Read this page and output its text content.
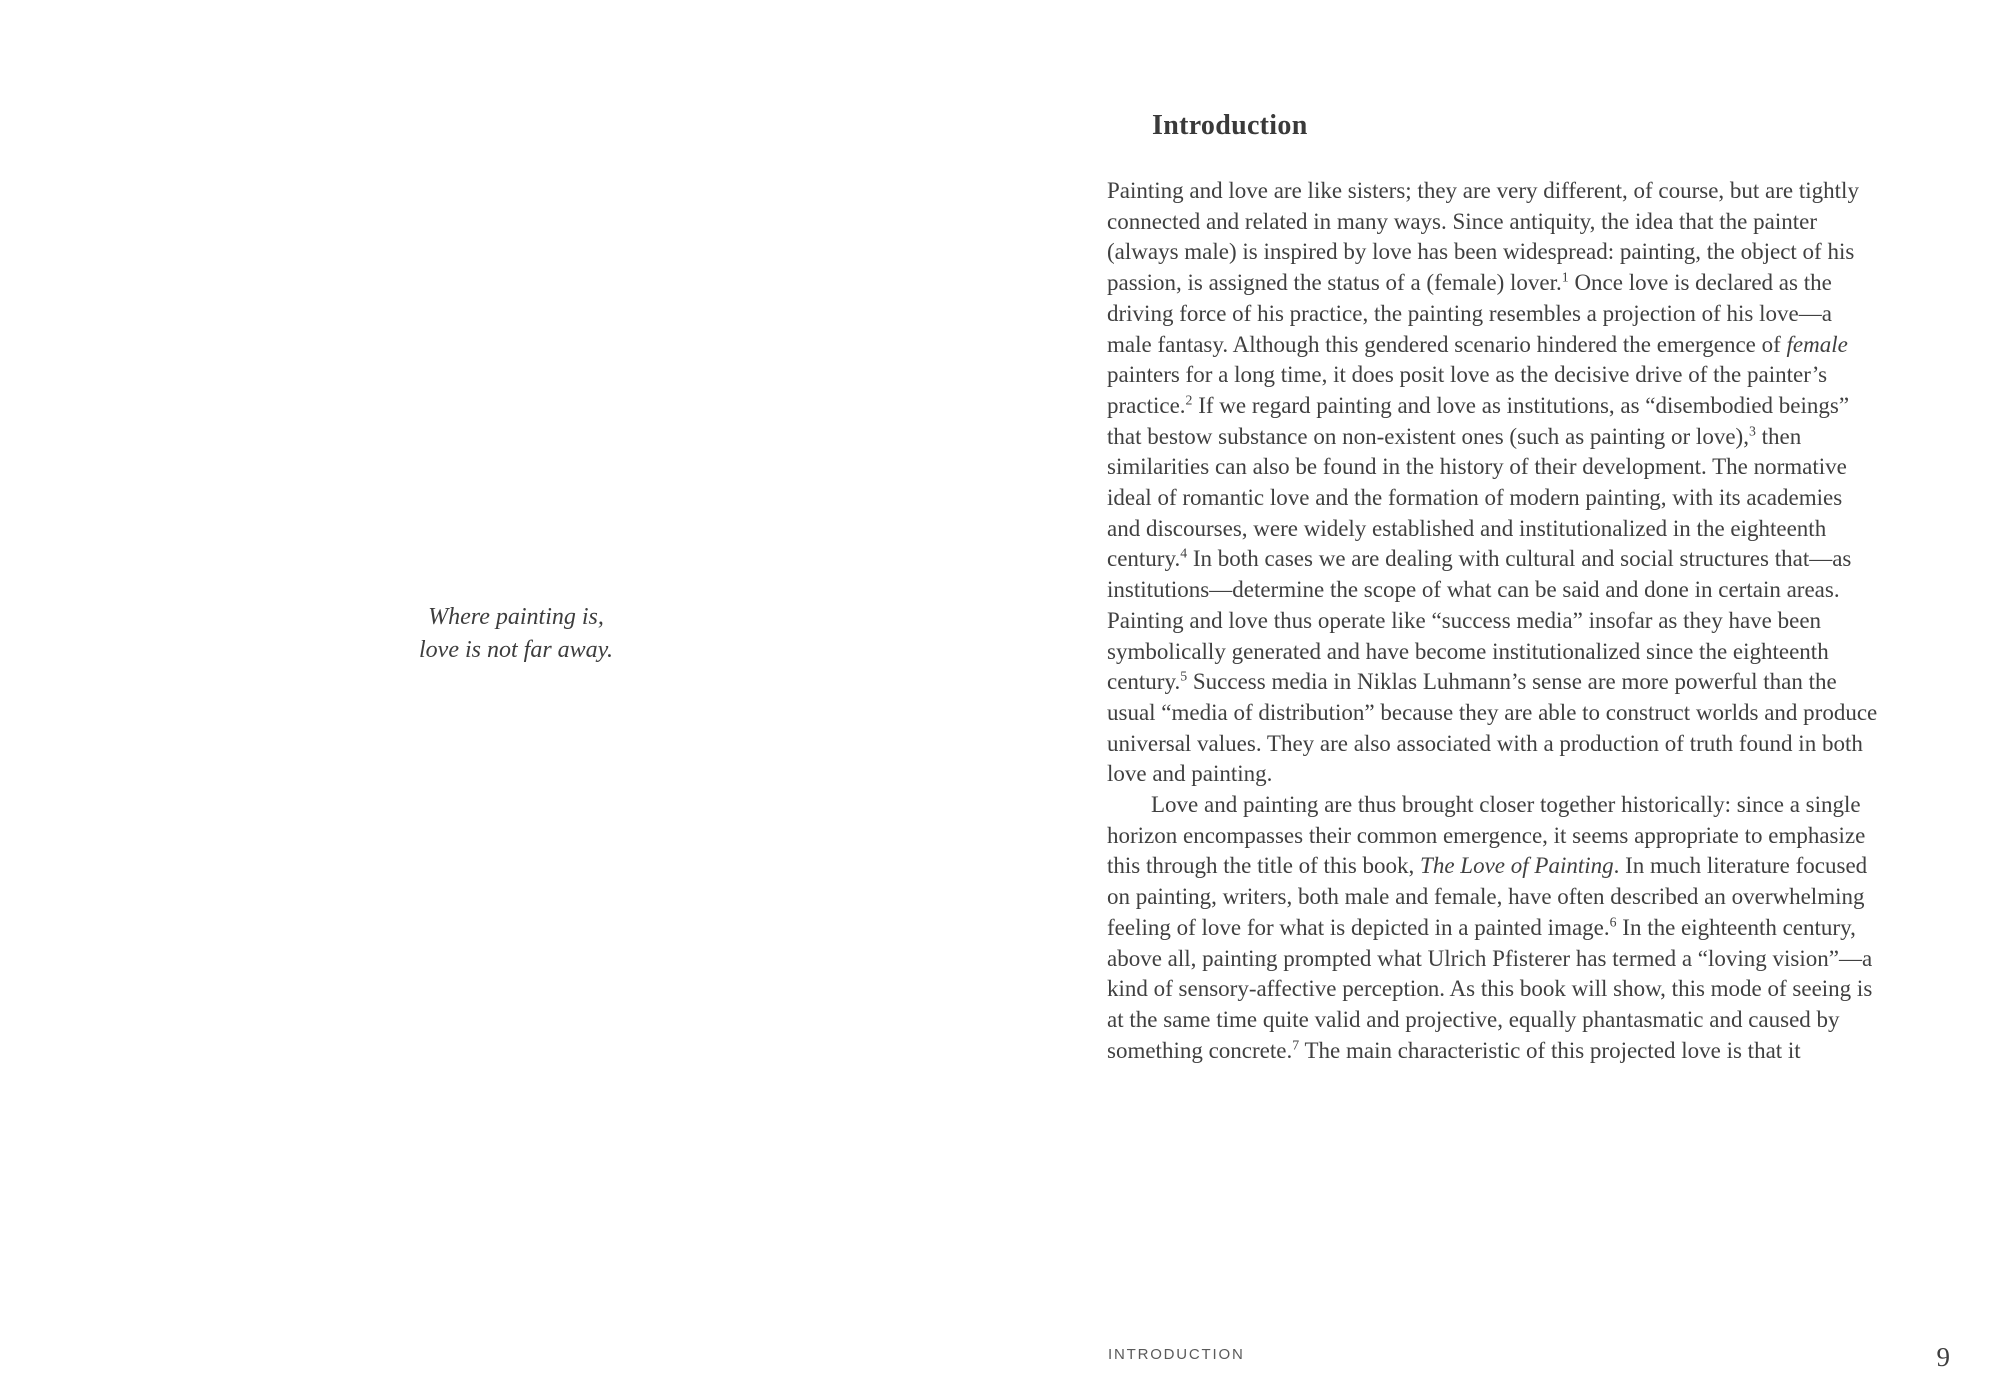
Where painting is,
love is not far away.
Introduction

Painting and love are like sisters; they are very different, of course, but are tightly connected and related in many ways. Since antiquity, the idea that the painter (always male) is inspired by love has been widespread: painting, the object of his passion, is assigned the status of a (female) lover.$^1$ Once love is declared as the driving force of his practice, the painting resembles a projection of his love—a male fantasy. Although this gendered scenario hindered the emergence of female painters for a long time, it does posit love as the decisive drive of the painter’s practice.$^2$ If we regard painting and love as institutions, as “disembodied beings” that bestow substance on non-existent ones (such as painting or love),$^3$ then similarities can also be found in the history of their development. The normative ideal of romantic love and the formation of modern painting, with its academies and discourses, were widely established and institutionalized in the eighteenth century.$^4$ In both cases we are dealing with cultural and social structures that—as institutions—determine the scope of what can be said and done in certain areas. Painting and love thus operate like “success media” insofar as they have been symbolically generated and have become institutionalized since the eighteenth century.$^5$ Success media in Niklas Luhmann’s sense are more powerful than the usual “media of distribution” because they are able to construct worlds and produce universal values. They are also associated with a production of truth found in both love and painting.

Love and painting are thus brought closer together historically: since a single horizon encompasses their common emergence, it seems appropriate to emphasize this through the title of this book, The Love of Painting. In much literature focused on painting, writers, both male and female, have often described an overwhelming feeling of love for what is depicted in a painted image.$^6$ In the eighteenth century, above all, painting prompted what Ulrich Pfisterer has termed a “loving vision”—a kind of sensory-affective perception. As this book will show, this mode of seeing is at the same time quite valid and projective, equally phantasmatic and caused by something concrete.$^7$ The main characteristic of this projected love is that it

INTRODUCTION	9
